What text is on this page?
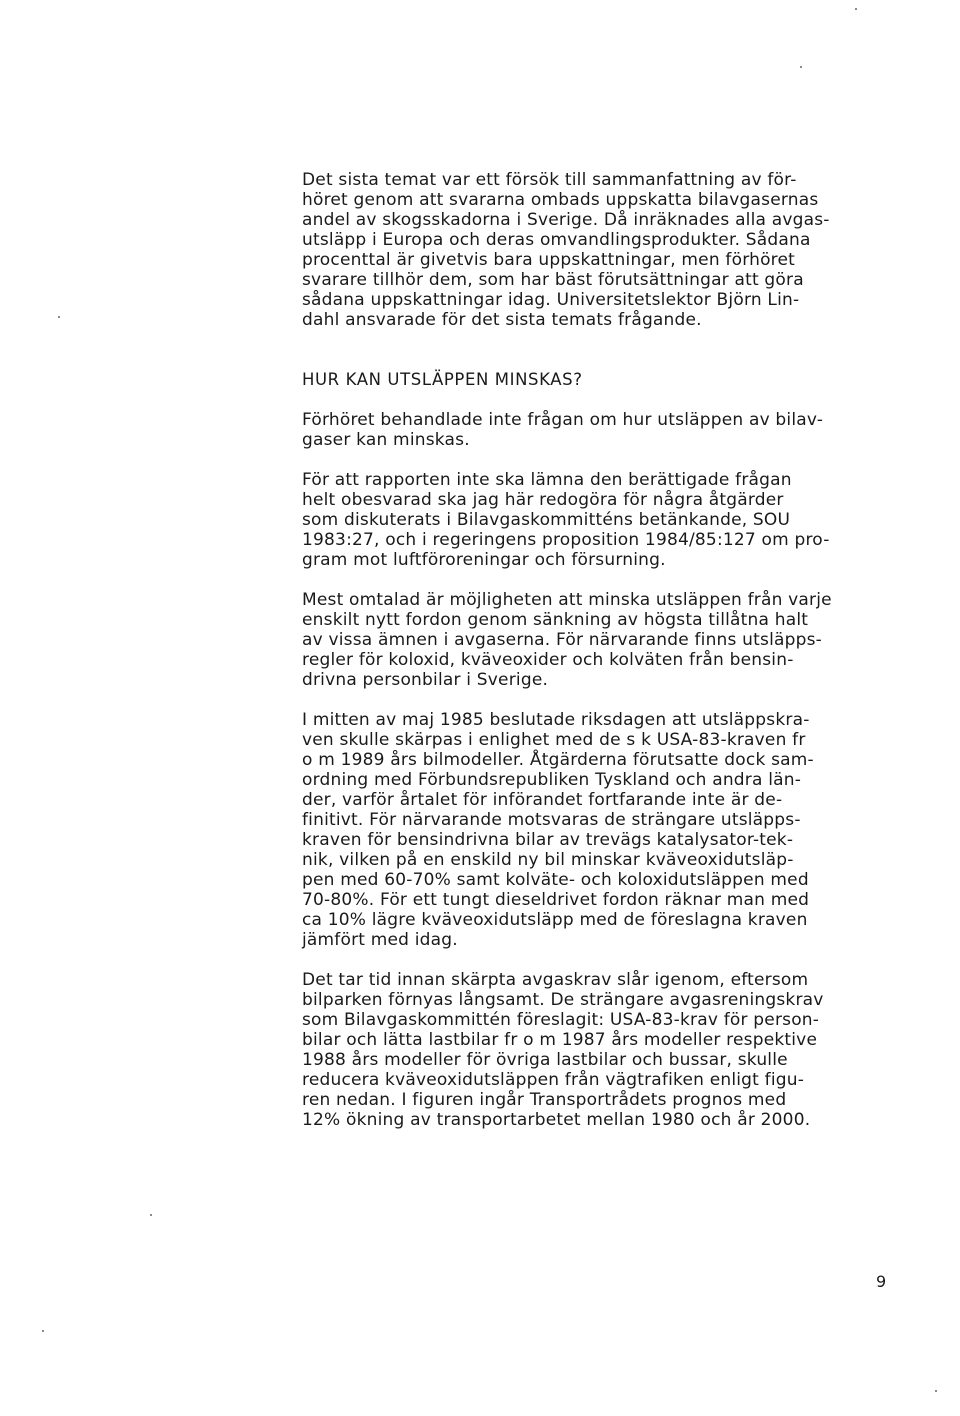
Det sista temat var ett försök till sammanfattning av för-
höret genom att svararna ombads uppskatta bilavgasernas
andel av skogsskadorna i Sverige. Då inräknades alla avgas-
utsläpp i Europa och deras omvandlingsprodukter. Sådana
procenttal är givetvis bara uppskattningar, men förhöret
svarare tillhör dem, som har bäst förutsättningar att göra
sådana uppskattningar idag. Universitetslektor Björn Lin-
dahl ansvarade för det sista temats frågande.

HUR KAN UTSLÄPPEN MINSKAS?

Förhöret behandlade inte frågan om hur utsläppen av bilav-
gaser kan minskas.

För att rapporten inte ska lämna den berättigade frågan
helt obesvarad ska jag här redogöra för några åtgärder
som diskuterats i Bilavgaskommitténs betänkande, SOU
1983:27, och i regeringens proposition 1984/85:127 om pro-
gram mot luftföroreningar och försurning.

Mest omtalad är möjligheten att minska utsläppen från varje
enskilt nytt fordon genom sänkning av högsta tillåtna halt
av vissa ämnen i avgaserna. För närvarande finns utsläpps-
regler för koloxid, kväveoxider och kolväten från bensin-
drivna personbilar i Sverige.

I mitten av maj 1985 beslutade riksdagen att utsläppskra-
ven skulle skärpas i enlighet med de s k USA-83-kraven fr
o m 1989 års bilmodeller. Åtgärderna förutsatte dock sam-
ordning med Förbundsrepubliken Tyskland och andra län-
der, varför årtalet för införandet fortfarande inte är de-
finitivt. För närvarande motsvaras de strängare utsläpps-
kraven för bensindrivna bilar av trevägs katalysator-tek-
nik, vilken på en enskild ny bil minskar kväveoxidutsläp-
pen med 60-70% samt kolväte- och koloxidutsläppen med
70-80%. För ett tungt dieseldrivet fordon räknar man med
ca 10% lägre kväveoxidutsläpp med de föreslagna kraven
jämfört med idag.

Det tar tid innan skärpta avgaskrav slår igenom, eftersom
bilparken förnyas långsamt. De strängare avgasreningskrav
som Bilavgaskommittén föreslagit: USA-83-krav för person-
bilar och lätta lastbilar fr o m 1987 års modeller respektive
1988 års modeller för övriga lastbilar och bussar, skulle
reducera kväveoxidutsläppen från vägtrafiken enligt figu-
ren nedan. I figuren ingår Transportrådets prognos med
12% ökning av transportarbetet mellan 1980 och år 2000.

9
